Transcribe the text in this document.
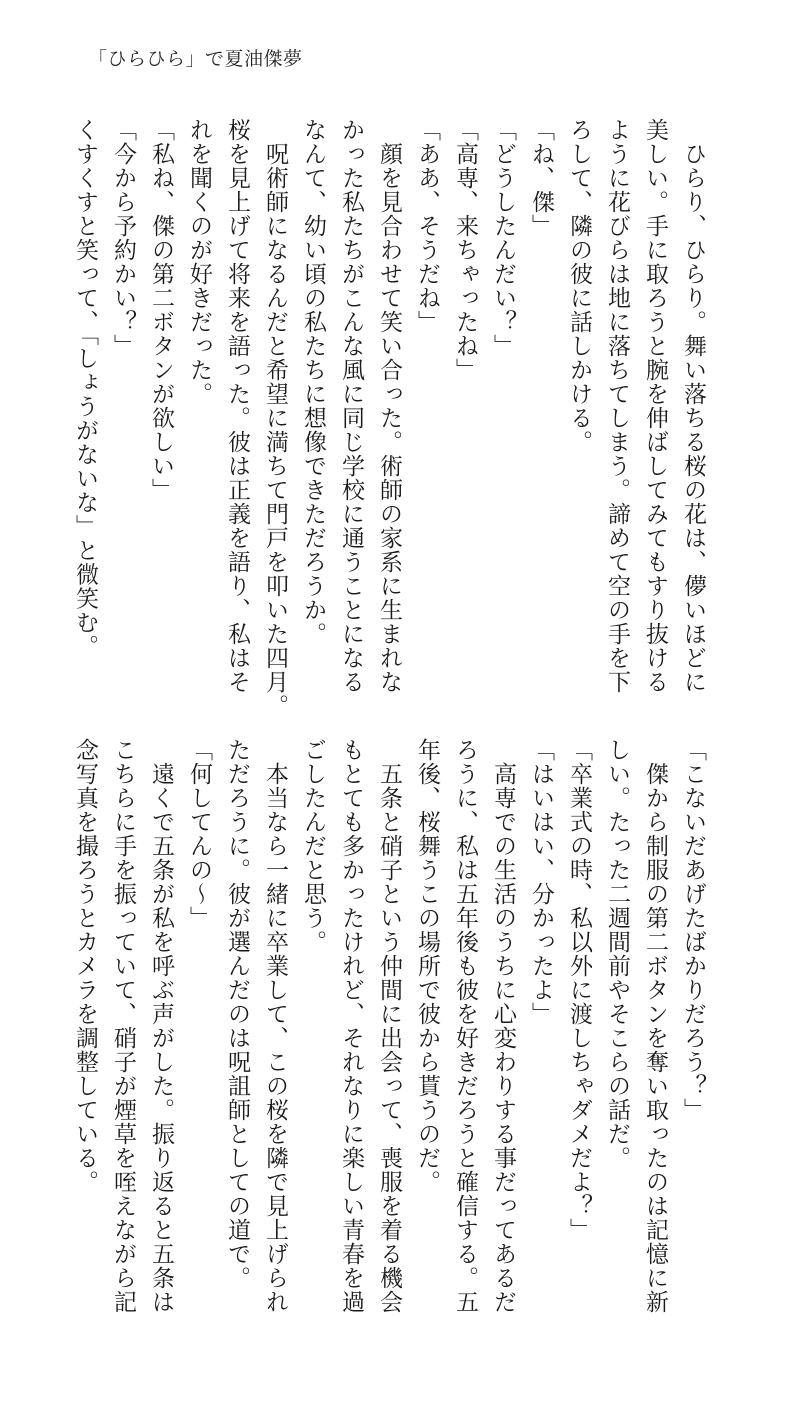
「ひらひら」で夏油傑夢
　ひらり、ひらり。舞い落ちる桜の花は、儚いほどに
美しい。手に取ろうと腕を伸ばしてみてもすり抜ける
ように花びらは地に落ちてしまう。諦めて空の手を下
ろして、隣の彼に話しかける。
「ね、傑」
「どうしたんだい？」
「高専、来ちゃったね」
「ああ、そうだね」
　顔を見合わせて笑い合った。術師の家系に生まれな
かった私たちがこんな風に同じ学校に通うことになる
なんて、幼い頃の私たちに想像できただろうか。
　呪術師になるんだと希望に満ちて門戸を叩いた四月。
桜を見上げて将来を語った。彼は正義を語り、私はそ
れを聞くのが好きだった。
「私ね、傑の第二ボタンが欲しい」
「今から予約かい？」
くすくすと笑って、「しょうがないな」と微笑む。
「こないだあげたばかりだろう？」
　傑から制服の第二ボタンを奪い取ったのは記憶に新
しい。たった二週間前やそこらの話だ。
「卒業式の時、私以外に渡しちゃダメだよ？」
「はいはい、分かったよ」
　高専での生活のうちに心変わりする事だってあるだ
ろうに、私は五年後も彼を好きだろうと確信する。五
年後、桜舞うこの場所で彼から貰うのだ。
　五条と硝子という仲間に出会って、喪服を着る機会
もとても多かったけれど、それなりに楽しい青春を過
ごしたんだと思う。
　本当なら一緒に卒業して、この桜を隣で見上げられ
ただろうに。彼が選んだのは呪詛師としての道で。
「何してんの～」
　遠くで五条が私を呼ぶ声がした。振り返ると五条は
こちらに手を振っていて、硝子が煙草を咥えながら記
念写真を撮ろうとカメラを調整している。
